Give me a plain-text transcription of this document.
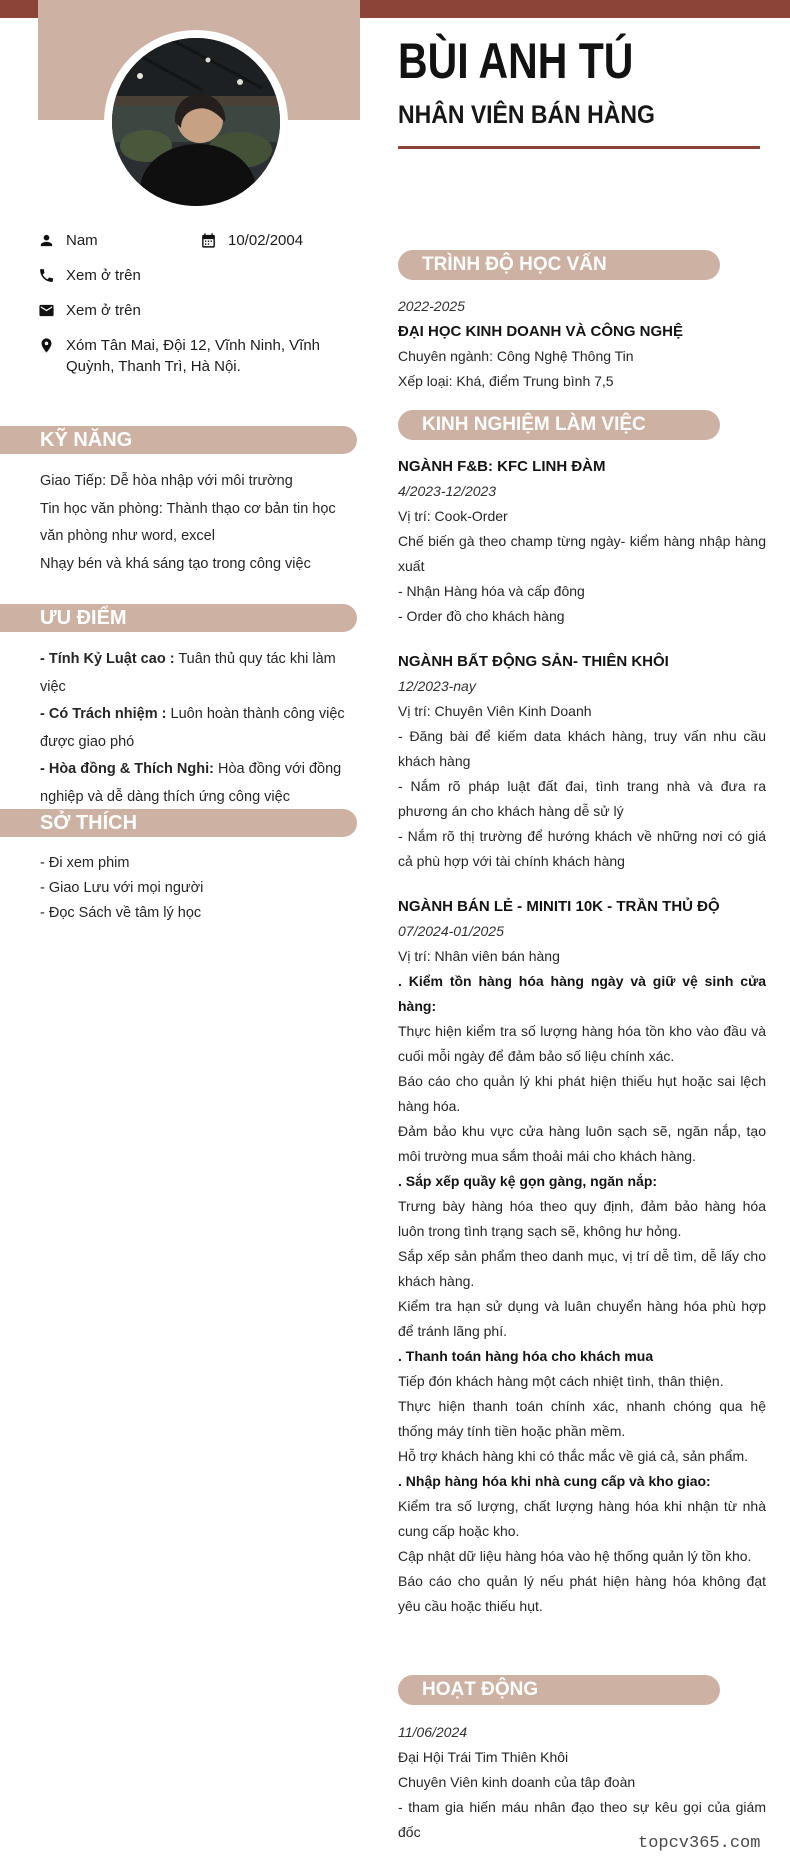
BÙI ANH TÚ
NHÂN VIÊN BÁN HÀNG
Nam	10/02/2004
Xem ở trên
Xem ở trên
Xóm Tân Mai, Đội 12, Vĩnh Ninh, Vĩnh Quỳnh, Thanh Trì, Hà Nội.
KỸ NĂNG

Giao Tiếp: Dễ hòa nhập với môi trường

Tin học văn phòng: Thành thạo cơ bản tin học văn phòng như word, excel

Nhạy bén và khá sáng tạo trong công việc

ƯU ĐIỂM

- Tính Kỷ Luật cao : Tuân thủ quy tác khi làm việc

- Có Trách nhiệm : Luôn hoàn thành công việc được giao phó

- Hòa đồng & Thích Nghi: Hòa đồng với đồng nghiệp và dễ dàng thích ứng công việc

SỞ THÍCH

- Đi xem phim

- Giao Lưu với mọi người

- Đọc Sách về tâm lý học

TRÌNH ĐỘ HỌC VẤN

2022-2025

ĐẠI HỌC KINH DOANH VÀ CÔNG NGHỆ

Chuyên ngành: Công Nghệ Thông Tin

Xếp loại: Khá, điểm Trung bình 7,5

KINH NGHIỆM LÀM VIỆC

NGÀNH F&B: KFC LINH ĐÀM

4/2023-12/2023

Vị trí: Cook-Order

Chế biến gà theo champ từng ngày- kiểm hàng nhập hàng xuất

- Nhận Hàng hóa và cấp đông

- Order đồ cho khách hàng

NGÀNH BẤT ĐỘNG SẢN- THIÊN KHÔI

12/2023-nay

Vị trí: Chuyên Viên Kinh Doanh

- Đăng bài để kiếm data khách hàng, truy vấn nhu cầu khách hàng

- Nắm rõ pháp luật đất đai, tình trang nhà và đưa ra phương án cho khách hàng dễ sử lý

- Nắm rõ thị trường để hướng khách về những nơi có giá cả phù hợp với tài chính khách hàng

NGÀNH BÁN LẺ - MINITI 10K - TRẦN THỦ ĐỘ

07/2024-01/2025

Vị trí: Nhân viên bán hàng

. Kiểm tồn hàng hóa hàng ngày và giữ vệ sinh cửa hàng:

Thực hiện kiểm tra số lượng hàng hóa tồn kho vào đầu và cuối mỗi ngày để đảm bảo số liệu chính xác.

Báo cáo cho quản lý khi phát hiện thiếu hụt hoặc sai lệch hàng hóa.

Đảm bảo khu vực cửa hàng luôn sạch sẽ, ngăn nắp, tạo môi trường mua sắm thoải mái cho khách hàng.

. Sắp xếp quầy kệ gọn gàng, ngăn nắp:

Trưng bày hàng hóa theo quy định, đảm bảo hàng hóa luôn trong tình trạng sạch sẽ, không hư hỏng.

Sắp xếp sản phẩm theo danh mục, vị trí dễ tìm, dễ lấy cho khách hàng.

Kiểm tra hạn sử dụng và luân chuyển hàng hóa phù hợp để tránh lãng phí.

. Thanh toán hàng hóa cho khách mua

Tiếp đón khách hàng một cách nhiệt tình, thân thiện.

Thực hiện thanh toán chính xác, nhanh chóng qua hệ thống máy tính tiền hoặc phần mềm.

Hỗ trợ khách hàng khi có thắc mắc về giá cả, sản phẩm.

. Nhập hàng hóa khi nhà cung cấp và kho giao:

Kiểm tra số lượng, chất lượng hàng hóa khi nhận từ nhà cung cấp hoặc kho.

Cập nhật dữ liệu hàng hóa vào hệ thống quản lý tồn kho.

Báo cáo cho quản lý nếu phát hiện hàng hóa không đạt yêu cầu hoặc thiếu hụt.

HOẠT ĐỘNG

11/06/2024

Đại Hội Trái Tim Thiên Khôi

Chuyên Viên kinh doanh của tâp đoàn

- tham gia hiến máu nhân đạo theo sự kêu gọi của giám đốc

topcv365.com
